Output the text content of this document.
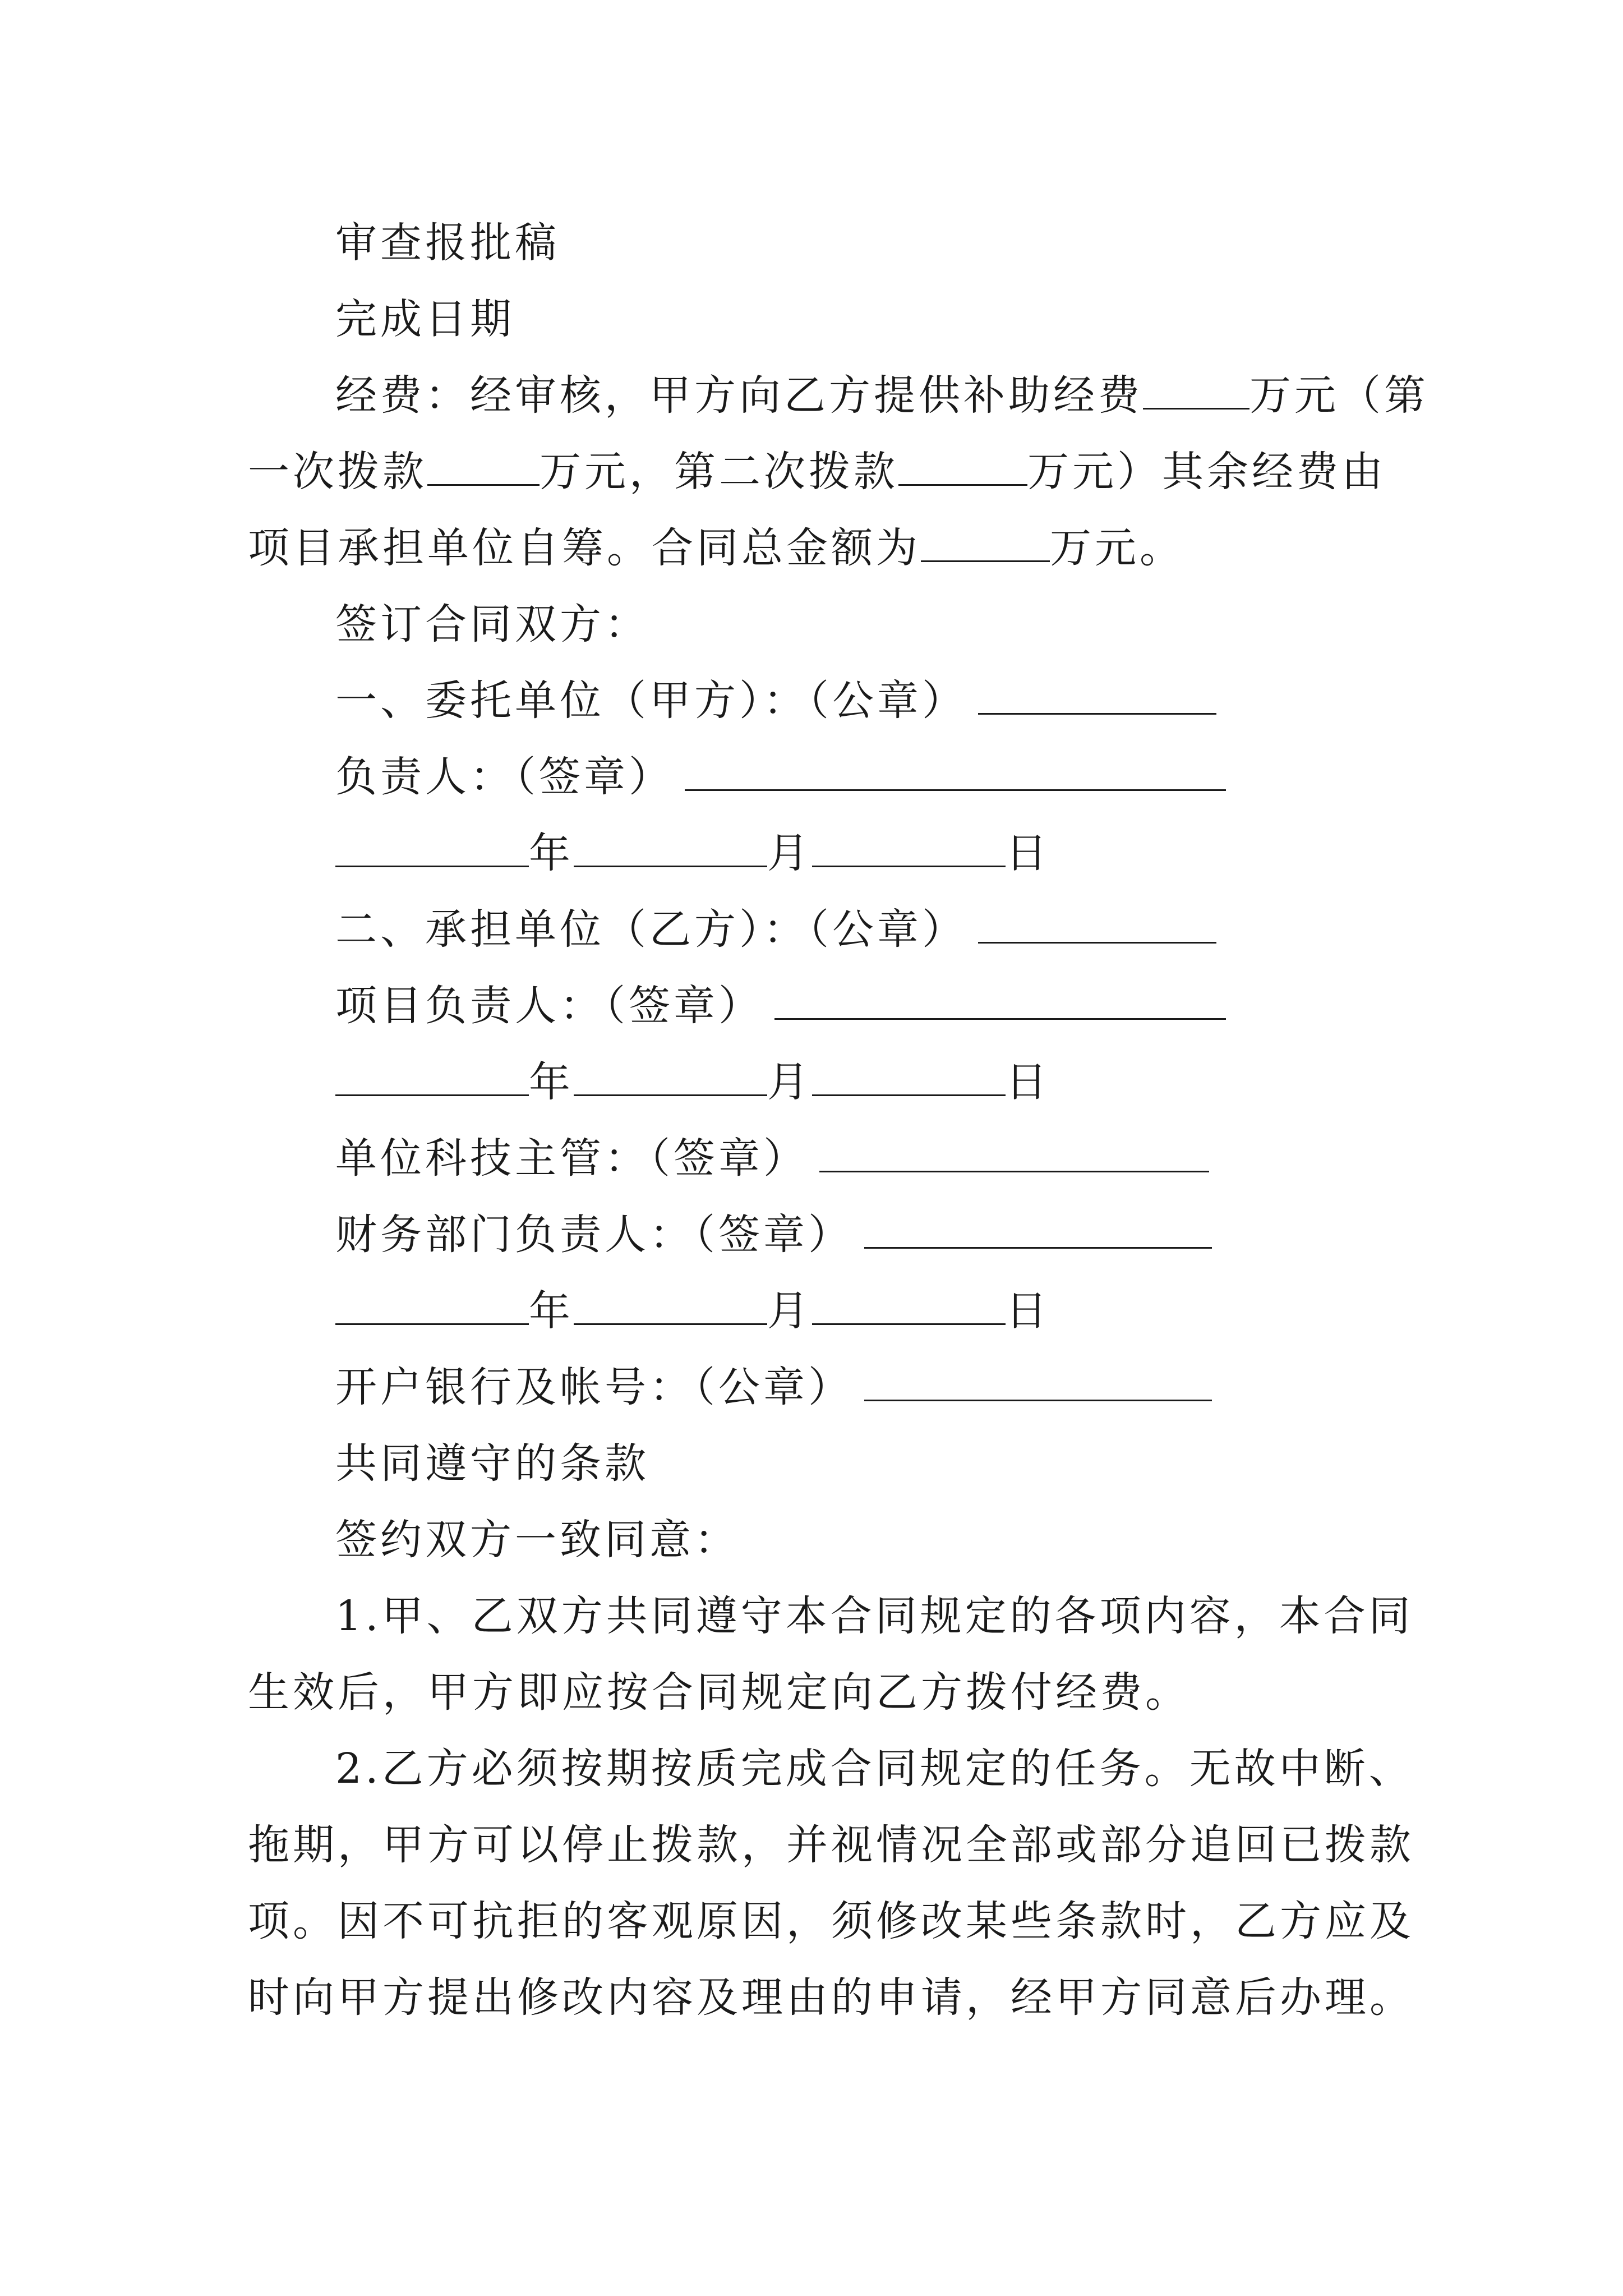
审查报批稿
完成日期
经费：经审核，甲方向乙方提供补助经费	万元（第
一次拨款	万元，第二次拨款	万元）其余经费由
项目承担单位自筹。合同总金额为	万元。
签订合同双方：
一、委托单位（甲方）：（公章）
负责人：（签章）
年	月	日
二、承担单位（乙方）：（公章）
项目负责人：（签章）
年	月	日
单位科技主管：（签章）
财务部门负责人：（签章）
年	月	日
开户银行及帐号：（公章）
共同遵守的条款
签约双方一致同意：
1.甲、乙双方共同遵守本合同规定的各项内容，本合同
生效后，甲方即应按合同规定向乙方拨付经费。
2.乙方必须按期按质完成合同规定的任务。无故中断、
拖期，甲方可以停止拨款，并视情况全部或部分追回已拨款
项。因不可抗拒的客观原因，须修改某些条款时，乙方应及
时向甲方提出修改内容及理由的申请，经甲方同意后办理。
